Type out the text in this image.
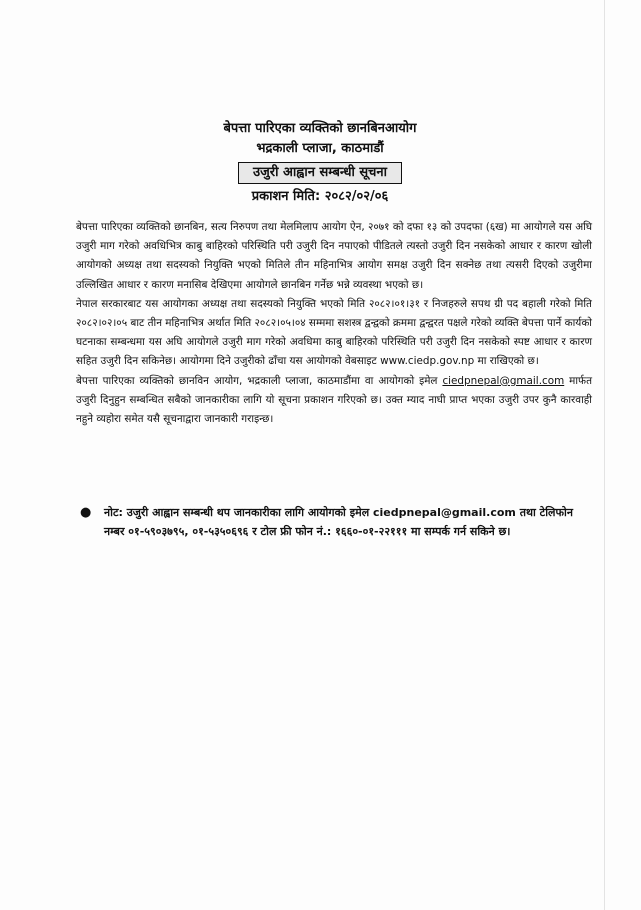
बेपत्ता पारिएका व्यक्तिको छानबिनआयोग
भद्रकाली प्लाजा, काठमाडौं
उजुरी आह्वान सम्बन्धी सूचना
प्रकाशन मिति: २०८२/०२/०६

बेपत्ता पारिएका व्यक्तिको छानबिन, सत्य निरुपण तथा मेलमिलाप आयोग ऐन, २०७१ को दफा १३ को उपदफा (६ख) मा आयोगले यस अघि उजुरी माग गरेको अवधिभित्र काबु बाहिरको परिस्थिति परी उजुरी दिन नपाएको पीडितले त्यस्तो उजुरी दिन नसकेको आधार र कारण खोली आयोगको अध्यक्ष तथा सदस्यको नियुक्ति भएको मितिले तीन महिनाभित्र आयोग समक्ष उजुरी दिन सक्नेछ तथा त्यसरी दिएको उजुरीमा उल्लिखित आधार र कारण मनासिब देखिएमा आयोगले छानबिन गर्नेछ भन्ने व्यवस्था भएको छ।

नेपाल सरकारबाट यस आयोगका अध्यक्ष तथा सदस्यको नियुक्ति भएको मिति २०८२।०१।३१ र निजहरुले सपथ ग्री पद बहाली गरेको मिति २०८२।०२।०५ बाट तीन महिनाभित्र अर्थात मिति २०८२।०५।०४ सम्ममा सशस्त्र द्वन्द्वको क्रममा द्वन्द्वरत पक्षले गरेको व्यक्ति बेपत्ता पार्ने कार्यको घटनाका सम्बन्धमा यस अघि आयोगले उजुरी माग गरेको अवधिमा काबु बाहिरको परिस्थिति परी उजुरी दिन नसकेको स्पष्ट आधार र कारण सहित उजुरी दिन सकिनेछ। आयोगमा दिने उजुरीको ढाँचा यस आयोगको वेबसाइट www.ciedp.gov.np मा राखिएको छ।

बेपत्ता पारिएका व्यक्तिको छानविन आयोग, भद्रकाली प्लाजा, काठमाडौंमा वा आयोगको इमेल ciedpnepal@gmail.com मार्फत उजुरी दिनुहुन सम्बन्धित सबैको जानकारीका लागि यो सूचना प्रकाशन गरिएको छ। उक्त म्याद नाघी प्राप्त भएका उजुरी उपर कुनै कारवाही नहुने व्यहोरा समेत यसै सूचनाद्वारा जानकारी गराइन्छ।

● नोट: उजुरी आह्वान सम्बन्धी थप जानकारीका लागि आयोगको इमेल ciedpnepal@gmail.com तथा टेलिफोन नम्बर ०१-५९०३७९५, ०१-५३५०६९६ र टोल फ्री फोन नं.: १६६०-०१-२२१११ मा सम्पर्क गर्न सकिने छ।
